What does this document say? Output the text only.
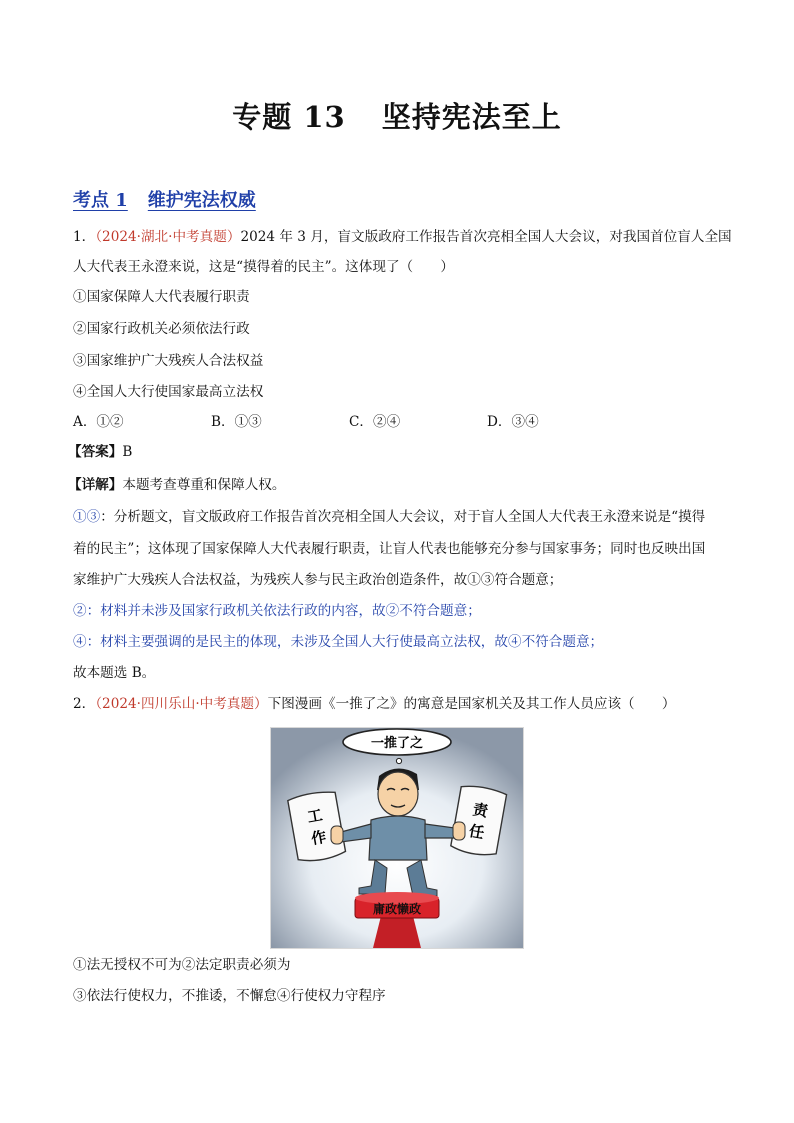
专题 13 坚持宪法至上
考点 1 维护宪法权威
1．（2024·湖北·中考真题）2024 年 3 月，盲文版政府工作报告首次亮相全国人大会议，对我国首位盲人全国
人大代表王永澄来说，这是“摸得着的民主”。这体现了（　　）
①国家保障人大代表履行职责
②国家行政机关必须依法行政
③国家维护广大残疾人合法权益
④全国人大行使国家最高立法权
A．①②	B．①③	C．②④	D．③④
【答案】B
【详解】本题考查尊重和保障人权。
①③：分析题文，盲文版政府工作报告首次亮相全国人大会议，对于盲人全国人大代表王永澄来说是“摸得
着的民主”；这体现了国家保障人大代表履行职责，让盲人代表也能够充分参与国家事务；同时也反映出国
家维护广大残疾人合法权益，为残疾人参与民主政治创造条件，故①③符合题意；
②：材料并未涉及国家行政机关依法行政的内容，故②不符合题意；
④：材料主要强调的是民主的体现，未涉及全国人大行使最高立法权，故④不符合题意；
故本题选 B。
2．（2024·四川乐山·中考真题）下图漫画《一推了之》的寓意是国家机关及其工作人员应该（　　）
一推了之
工
作
责
任
庸政懒政
①法无授权不可为②法定职责必须为
③依法行使权力，不推诿，不懈怠④行使权力守程序
